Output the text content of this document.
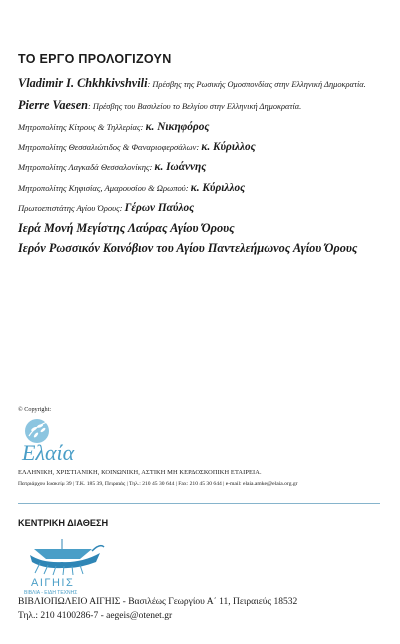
ΤΟ ΕΡΓΟ ΠΡΟΛΟΓΙΖΟΥΝ
Vladimir I. Chkhkivshvili: Πρέσβης της Ρωσικής Ομοσπονδίας στην Ελληνική Δημοκρατία.
Pierre Vaesen: Πρέσβης του Βασιλείου το Βελγίου στην Ελληνική Δημοκρατία.
Μητροπολίτης Κίτρους & Τηλλερίας: κ. Νικηφόρος
Μητροπολίτης Θεσσαλιώτιδος & Φαναριοφερσάλων: κ. Κύριλλος
Μητροπολίτης Λαγκαδά Θεσσαλονίκης: κ. Ιωάννης
Μητροπολίτης Κηφισίας, Αμαρουσίου & Ωρωπού: κ. Κύριλλος
Πρωτοεπιστάτης Αγίου Όρους: Γέρων Παύλος
Ιερά Μονή Μεγίστης Λαύρας Αγίου Όρους
Ιερόν Ρωσσικόν Κοινόβιον του Αγίου Παντελεήμωνος Αγίου Όρους
© Copyright:
Ελαία
ΕΛΛΗΝΙΚΗ, ΧΡΙΣΤΙΑΝΙΚΗ, ΚΟΙΝΩΝΙΚΗ, ΑΣΤΙΚΗ ΜΗ ΚΕΡΔΟΣΚΟΠΙΚΗ ΕΤΑΙΡΕΙΑ.
Πατριάρχου Ιωακείμ 39 | Τ.Κ. 185 39, Πειραιάς | Τηλ.: 210 45 30 644 | Fax: 210 45 30 644 | e-mail: elaia.amke@elaia.org.gr
ΚΕΝΤΡΙΚΗ ΔΙΑΘΕΣΗ
ΑΙΓΗΙΣ
ΒΙΒΛΙΑ - ΕΙΔΗ ΤΕΧΝΗΣ
ΒΙΒΛΙΟΠΩΛΕΙΟ ΑΙΓΗΙΣ - Βασιλέως Γεωργίου Α΄ 11, Πειραιεύς 18532
Τηλ.: 210 4100286-7 - aegeis@otenet.gr
